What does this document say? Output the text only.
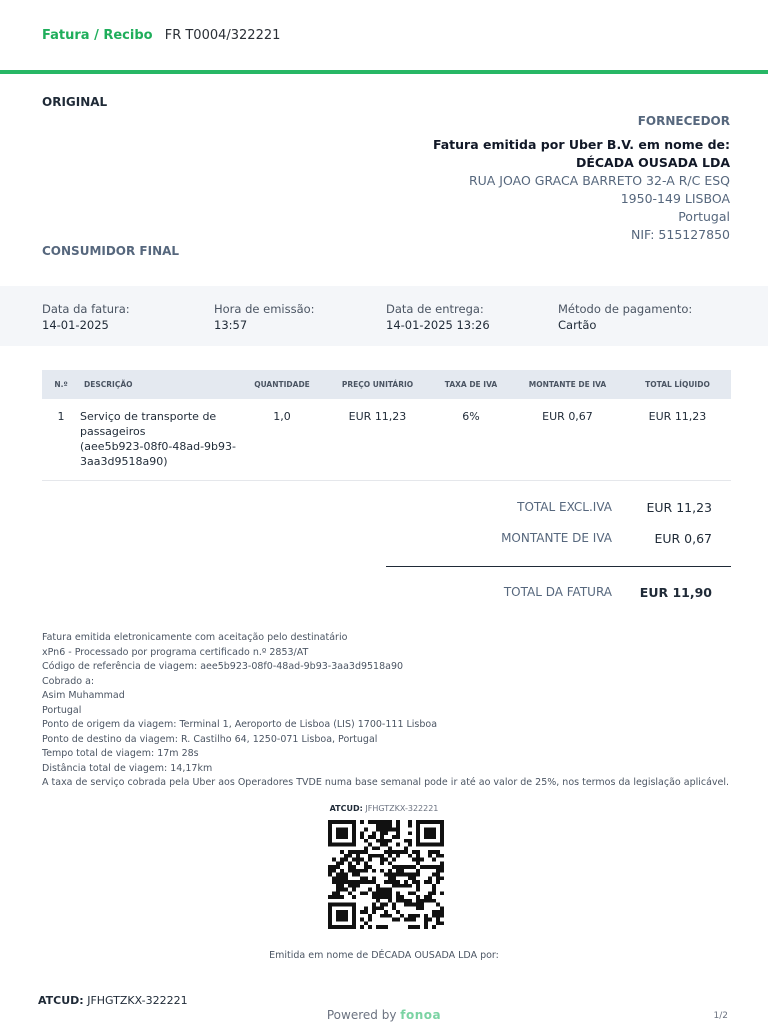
Fatura / Recibo FR T0004/322221
ORIGINAL
FORNECEDOR
Fatura emitida por Uber B.V. em nome de:
DÉCADA OUSADA LDA
RUA JOAO GRACA BARRETO 32-A R/C ESQ
1950-149 LISBOA
Portugal
NIF: 515127850
CONSUMIDOR FINAL
Data da fatura:
14-01-2025
Hora de emissão:
13:57
Data de entrega:
14-01-2025 13:26
Método de pagamento:
Cartão
N.º	DESCRIÇÃO	QUANTIDADE	PREÇO UNITÁRIO	TAXA DE IVA	MONTANTE DE IVA	TOTAL LÍQUIDO
1	Serviço de transporte de
passageiros
(aee5b923-08f0-48ad-9b93-
3aa3d9518a90)	1,0	EUR 11,23	6%	EUR 0,67	EUR 11,23
TOTAL EXCL.IVA	EUR 11,23
MONTANTE DE IVA	EUR 0,67
TOTAL DA FATURA EUR 11,90
Fatura emitida eletronicamente com aceitação pelo destinatário
xPn6 - Processado por programa certificado n.º 2853/AT
Código de referência de viagem: aee5b923-08f0-48ad-9b93-3aa3d9518a90
Cobrado a:
Asim Muhammad
Portugal
Ponto de origem da viagem: Terminal 1, Aeroporto de Lisboa (LIS) 1700-111 Lisboa
Ponto de destino da viagem: R. Castilho 64, 1250-071 Lisboa, Portugal
Tempo total de viagem: 17m 28s
Distância total de viagem: 14,17km
A taxa de serviço cobrada pela Uber aos Operadores TVDE numa base semanal pode ir até ao valor de 25%, nos termos da legislação aplicável.
ATCUD: JFHGTZKX-322221
Emitida em nome de DÉCADA OUSADA LDA por:
ATCUD: JFHGTZKX-322221
Powered by fonoa	1/2
